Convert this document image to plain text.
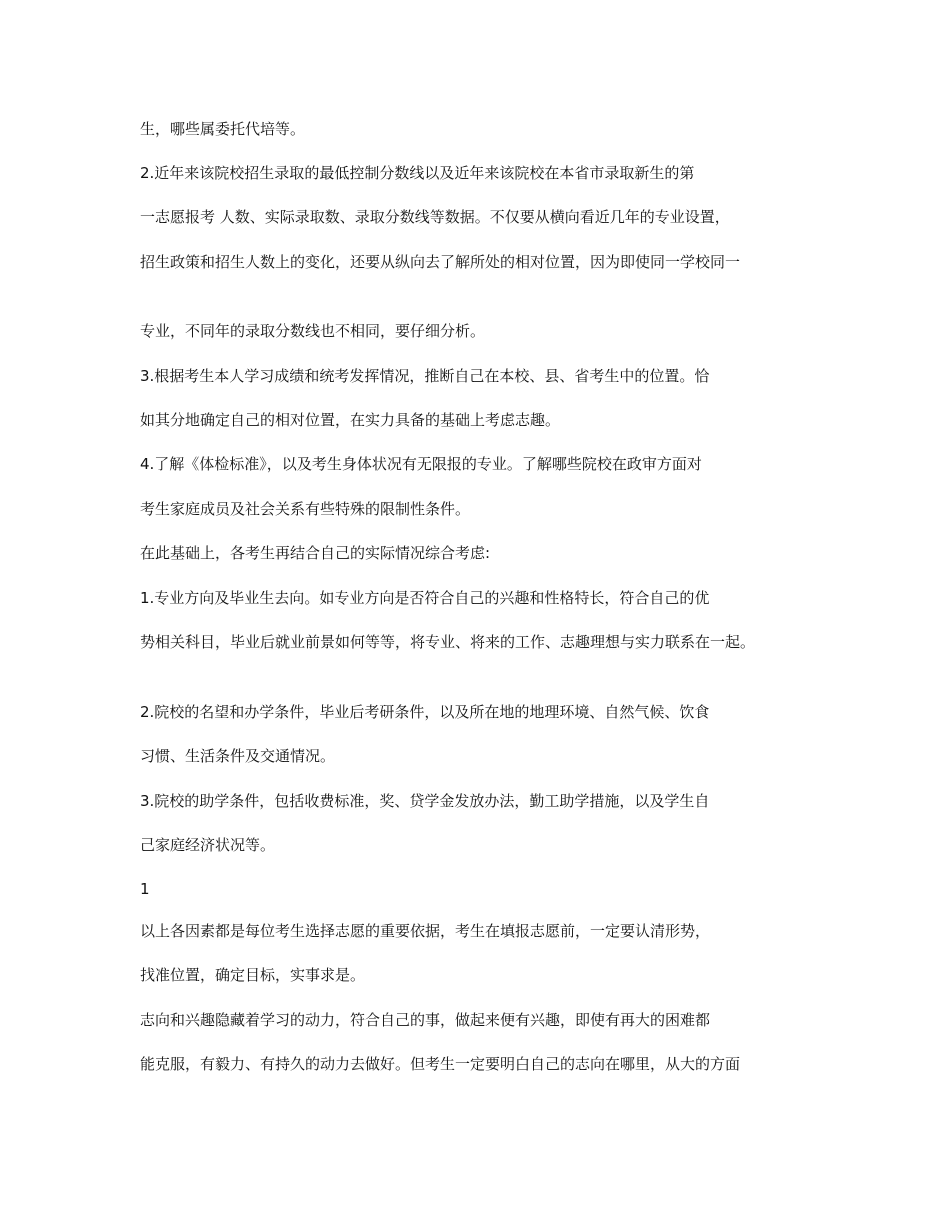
生，哪些属委托代培等。
2.近年来该院校招生录取的最低控制分数线以及近年来该院校在本省市录取新生的第
一志愿报考 人数、实际录取数、录取分数线等数据。不仅要从横向看近几年的专业设置，
招生政策和招生人数上的变化，还要从纵向去了解所处的相对位置，因为即使同一学校同一
专业，不同年的录取分数线也不相同，要仔细分析。
3.根据考生本人学习成绩和统考发挥情况，推断自己在本校、县、省考生中的位置。恰
如其分地确定自己的相对位置，在实力具备的基础上考虑志趣。
4.了解《体检标准》，以及考生身体状况有无限报的专业。了解哪些院校在政审方面对
考生家庭成员及社会关系有些特殊的限制性条件。
在此基础上，各考生再结合自己的实际情况综合考虑:
1.专业方向及毕业生去向。如专业方向是否符合自己的兴趣和性格特长，符合自己的优
势相关科目，毕业后就业前景如何等等，将专业、将来的工作、志趣理想与实力联系在一起。
2.院校的名望和办学条件，毕业后考研条件，以及所在地的地理环境、自然气候、饮食
习惯、生活条件及交通情况。
3.院校的助学条件，包括收费标准，奖、贷学金发放办法，勤工助学措施，以及学生自
己家庭经济状况等。
1
以上各因素都是每位考生选择志愿的重要依据，考生在填报志愿前，一定要认清形势，
找准位置，确定目标，实事求是。
志向和兴趣隐藏着学习的动力，符合自己的事，做起来便有兴趣，即使有再大的困难都
能克服，有毅力、有持久的动力去做好。但考生一定要明白自己的志向在哪里，从大的方面
